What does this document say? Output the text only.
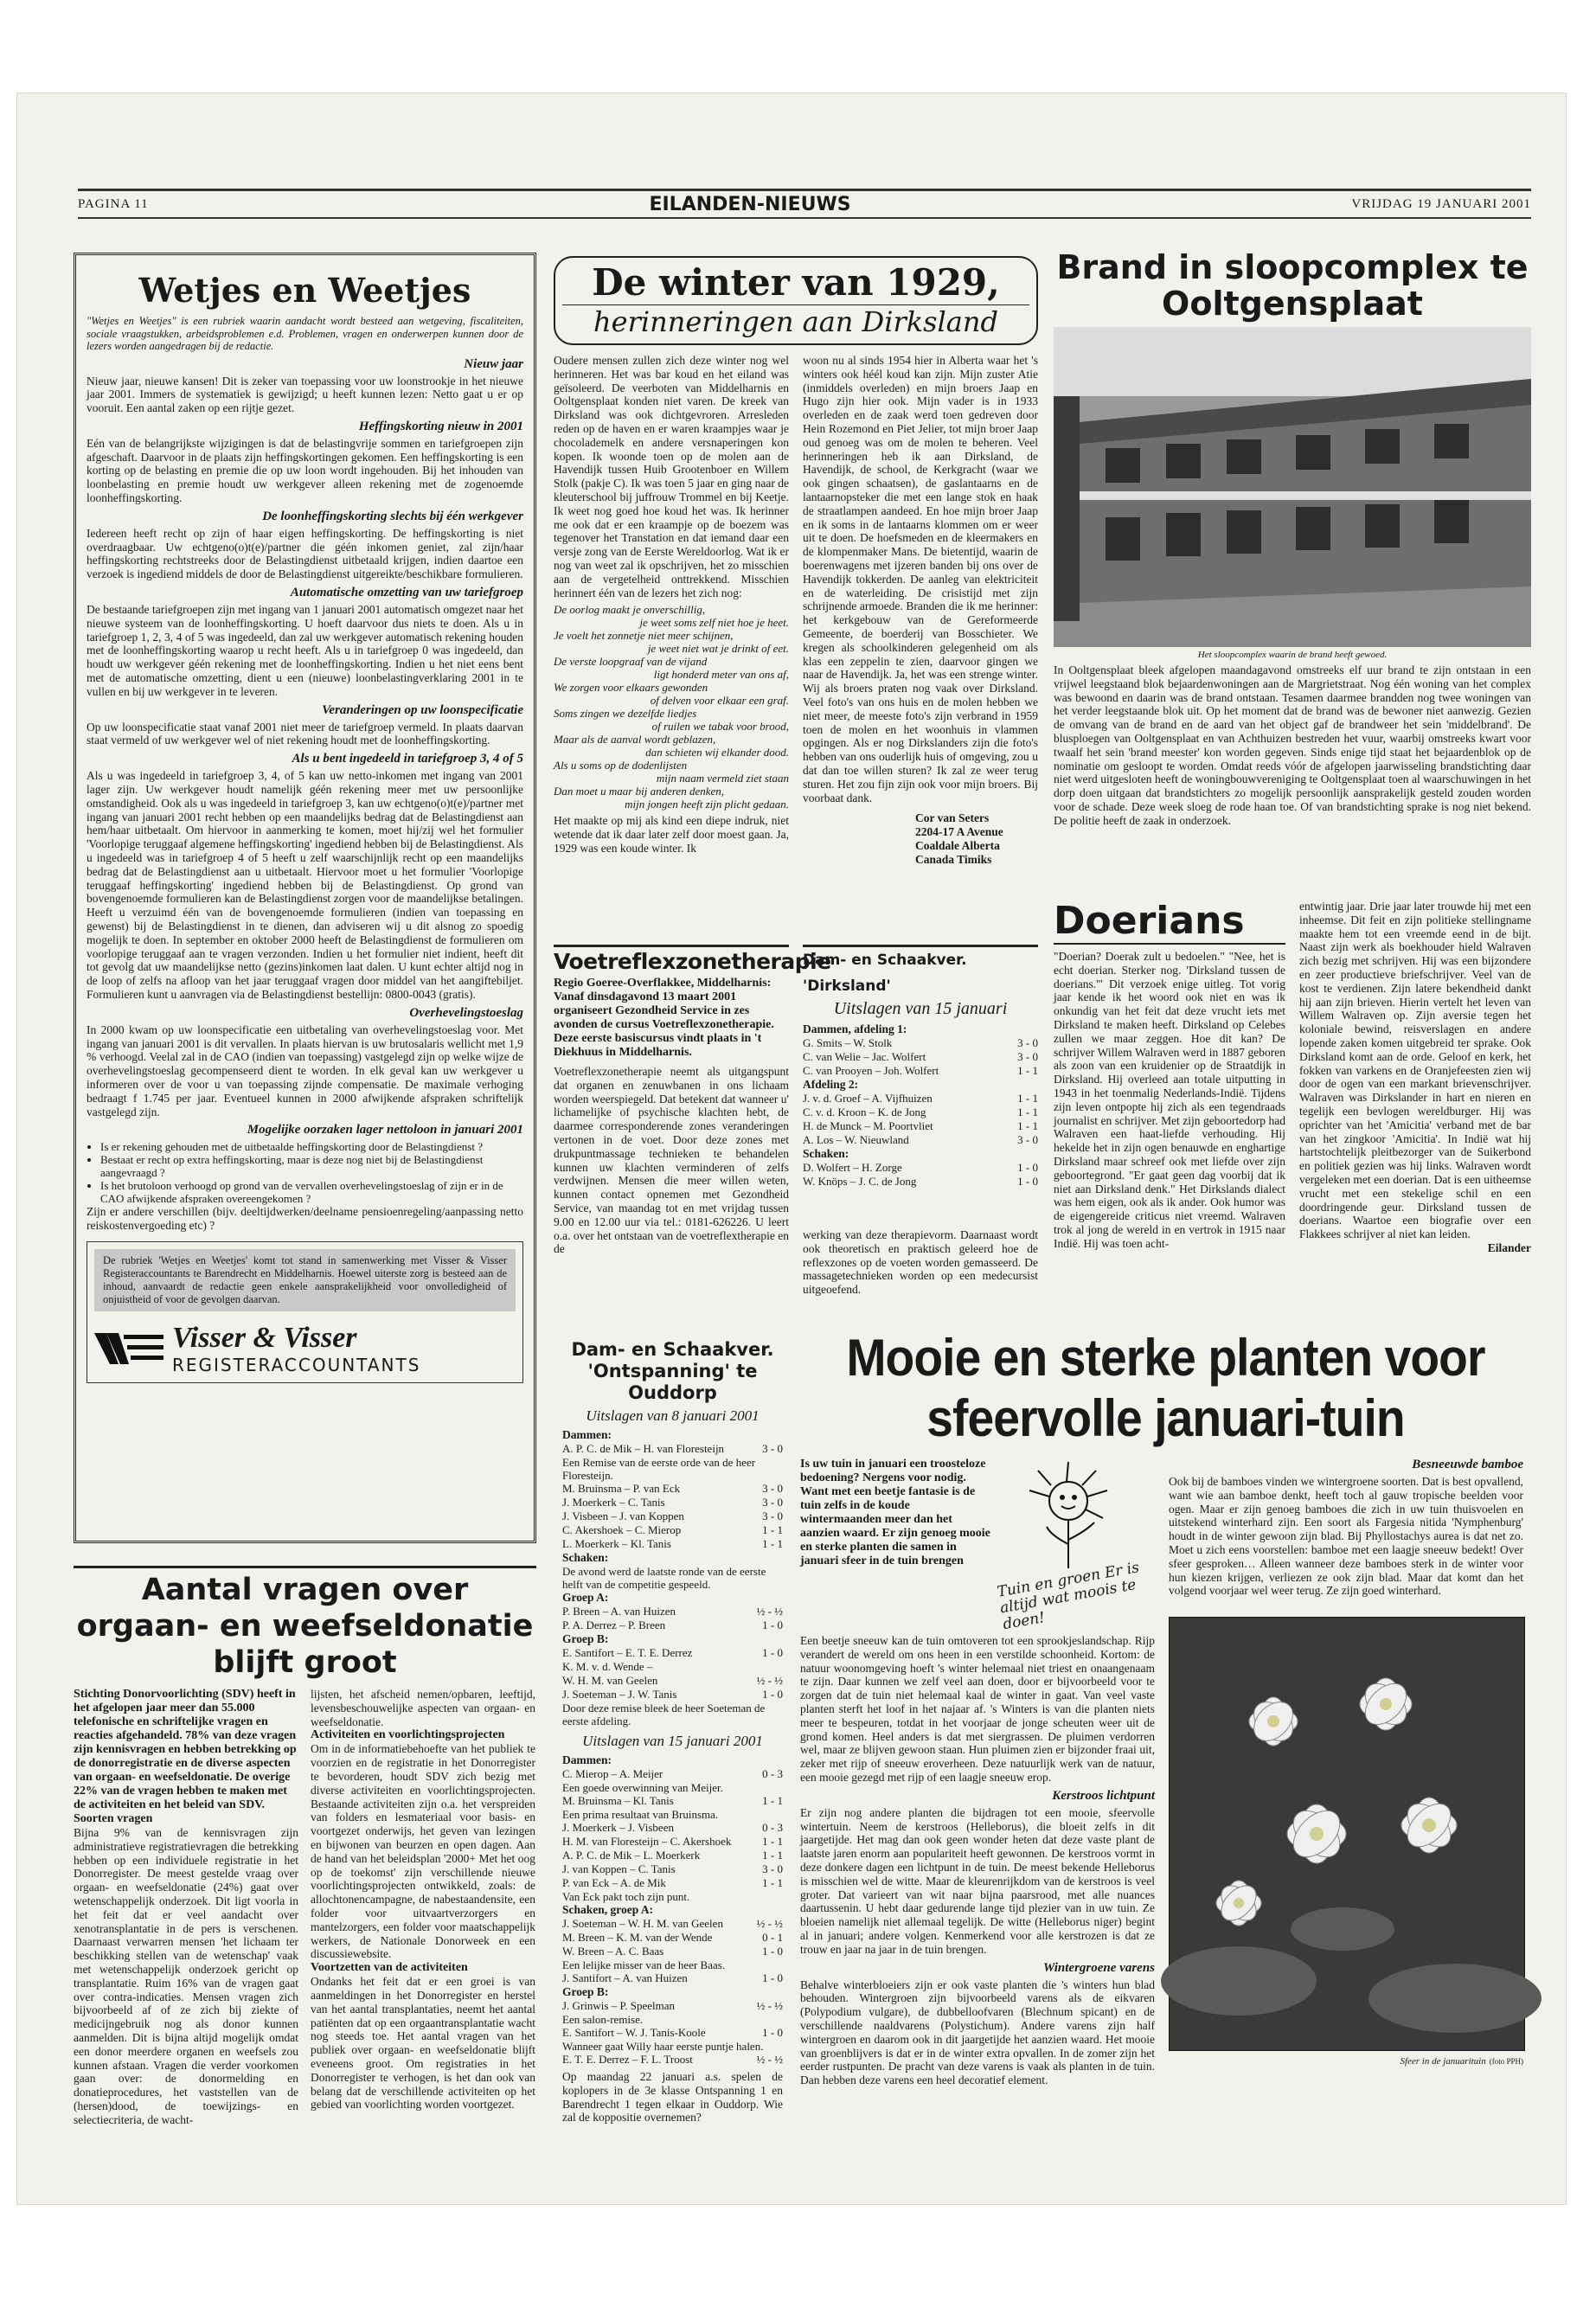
PAGINA 11	EILANDEN-NIEUWS	VRIJDAG 19 JANUARI 2001
Wetjes en Weetjes
"Wetjes en Weetjes" is een rubriek waarin aandacht wordt besteed aan wetgeving, fiscaliteiten, sociale vraagstukken, arbeidsproblemen e.d. Problemen, vragen en onderwerpen kunnen door de lezers worden aangedragen bij de redactie.
Nieuw jaar
Nieuw jaar, nieuwe kansen! Dit is zeker van toepassing voor uw loonstrookje in het nieuwe jaar 2001. Immers de systematiek is gewijzigd; u heeft kunnen lezen: Netto gaat u er op vooruit. Een aantal zaken op een rijtje gezet.
Heffingskorting nieuw in 2001
Eén van de belangrijkste wijzigingen is dat de belastingvrije sommen en tariefgroepen zijn afgeschaft. Daarvoor in de plaats zijn heffingskortingen gekomen. Een heffingskorting is een korting op de belasting en premie die op uw loon wordt ingehouden. Bij het inhouden van loonbelasting en premie houdt uw werkgever alleen rekening met de zogenoemde loonheffingskorting.
De loonheffingskorting slechts bij één werkgever
Iedereen heeft recht op zijn of haar eigen heffingskorting. De heffingskorting is niet overdraagbaar. Uw echtgeno(o)t(e)/partner die géén inkomen geniet, zal zijn/haar heffingskorting rechtstreeks door de Belastingdienst uitbetaald krijgen, indien daartoe een verzoek is ingediend middels de door de Belastingdienst uitgereikte/beschikbare formulieren.
Automatische omzetting van uw tariefgroep
De bestaande tariefgroepen zijn met ingang van 1 januari 2001 automatisch omgezet naar het nieuwe systeem van de loonheffingskorting. U hoeft daarvoor dus niets te doen. Als u in tariefgroep 1, 2, 3, 4 of 5 was ingedeeld, dan zal uw werkgever automatisch rekening houden met de loonheffingskorting waarop u recht heeft. Als u in tariefgroep 0 was ingedeeld, dan houdt uw werkgever géén rekening met de loonheffingskorting. Indien u het niet eens bent met de automatische omzetting, dient u een (nieuwe) loonbelastingverklaring 2001 in te vullen en bij uw werkgever in te leveren.
Veranderingen op uw loonspecificatie
Op uw loonspecificatie staat vanaf 2001 niet meer de tariefgroep vermeld. In plaats daarvan staat vermeld of uw werkgever wel of niet rekening houdt met de loonheffingskorting.
Als u bent ingedeeld in tariefgroep 3, 4 of 5
Als u was ingedeeld in tariefgroep 3, 4, of 5 kan uw netto-inkomen met ingang van 2001 lager zijn. Uw werkgever houdt namelijk géén rekening meer met uw persoonlijke omstandigheid. Ook als u was ingedeeld in tariefgroep 3, kan uw echtgeno(o)t(e)/partner met ingang van januari 2001 recht hebben op een maandelijks bedrag dat de Belastingdienst aan hem/haar uitbetaalt. Om hiervoor in aanmerking te komen, moet hij/zij wel het formulier 'Voorlopige teruggaaf algemene heffingskorting' ingediend hebben bij de Belastingdienst. Als u ingedeeld was in tariefgroep 4 of 5 heeft u zelf waarschijnlijk recht op een maandelijks bedrag dat de Belastingdienst aan u uitbetaalt. Hiervoor moet u het formulier 'Voorlopige teruggaaf heffingskorting' ingediend hebben bij de Belastingdienst. Op grond van bovengenoemde formulieren kan de Belastingdienst zorgen voor de maandelijkse betalingen. Heeft u verzuimd één van de bovengenoemde formulieren (indien van toepassing en gewenst) bij de Belastingdienst in te dienen, dan adviseren wij u dit alsnog zo spoedig mogelijk te doen. In september en oktober 2000 heeft de Belastingdienst de formulieren om voorlopige teruggaaf aan te vragen verzonden. Indien u het formulier niet indient, heeft dit tot gevolg dat uw maandelijkse netto (gezins)inkomen laat dalen. U kunt echter altijd nog in de loop of zelfs na afloop van het jaar teruggaaf vragen door middel van het aangiftebiljet. Formulieren kunt u aanvragen via de Belastingdienst bestellijn: 0800-0043 (gratis).
Overhevelingstoeslag
In 2000 kwam op uw loonspecificatie een uitbetaling van overhevelingstoeslag voor. Met ingang van januari 2001 is dit vervallen. In plaats hiervan is uw brutosalaris wellicht met 1,9 % verhoogd. Veelal zal in de CAO (indien van toepassing) vastgelegd zijn op welke wijze de overhevelingstoeslag gecompenseerd dient te worden. In elk geval kan uw werkgever u informeren over de voor u van toepassing zijnde compensatie. De maximale verhoging bedraagt f 1.745 per jaar. Eventueel kunnen in 2000 afwijkende afspraken schriftelijk vastgelegd zijn.
Mogelijke oorzaken lager nettoloon in januari 2001
• Is er rekening gehouden met de uitbetaalde heffingskorting door de Belastingdienst ?
• Bestaat er recht op extra heffingskorting, maar is deze nog niet bij de Belastingdienst aangevraagd ?
• Is het brutoloon verhoogd op grond van de vervallen overhevelingstoeslag of zijn er in de CAO afwijkende afspraken overeengekomen ?
Zijn er andere verschillen (bijv. deeltijdwerken/deelname pensioenregeling/aanpassing netto reiskostenvergoeding etc) ?
De rubriek 'Wetjes en Weetjes' komt tot stand in samenwerking met Visser & Visser Registeraccountants te Barendrecht en Middelharnis. Hoewel uiterste zorg is besteed aan de inhoud, aanvaardt de redactie geen enkele aansprakelijkheid voor onvolledigheid of onjuistheid of voor de gevolgen daarvan.
Visser & Visser
REGISTERACCOUNTANTS
De winter van 1929,
herinneringen aan Dirksland
Oudere mensen zullen zich deze winter nog wel herinneren. Het was bar koud en het eiland was geïsoleerd. De veerboten van Middelharnis en Ooltgensplaat konden niet varen. De kreek van Dirksland was ook dichtgevroren. Arresleden reden op de haven en er waren kraampjes waar je chocolademelk en andere versnaperingen kon kopen. Ik woonde toen op de molen aan de Havendijk tussen Huib Grootenboer en Willem Stolk (pakje C). Ik was toen 5 jaar en ging naar de kleuterschool bij juffrouw Trommel en bij Keetje. Ik weet nog goed hoe koud het was. Ik herinner me ook dat er een kraampje op de boezem was tegenover het Transtation en dat iemand daar een versje zong van de Eerste Wereldoorlog. Wat ik er nog van weet zal ik opschrijven, het zo misschien aan de vergetelheid onttrekkend. Misschien herinnert één van de lezers het zich nog:
De oorlog maakt je onverschillig,
je weet soms zelf niet hoe je heet.
Je voelt het zonnetje niet meer schijnen,
je weet niet wat je drinkt of eet.
De verste loopgraaf van de vijand
ligt honderd meter van ons af,
We zorgen voor elkaars gewonden
of delven voor elkaar een graf.
Soms zingen we dezelfde liedjes
of ruilen we tabak voor brood,
Maar als de aanval wordt geblazen,
dan schieten wij elkander dood.
Als u soms op de dodenlijsten
mijn naam vermeld ziet staan
Dan moet u maar bij anderen denken,
mijn jongen heeft zijn plicht gedaan.
Het maakte op mij als kind een diepe indruk, niet wetende dat ik daar later zelf door moest gaan. Ja, 1929 was een koude winter. Ik
woon nu al sinds 1954 hier in Alberta waar het 's winters ook héél koud kan zijn. Mijn zuster Atie (inmiddels overleden) en mijn broers Jaap en Hugo zijn hier ook. Mijn vader is in 1933 overleden en de zaak werd toen gedreven door Hein Rozemond en Piet Jelier, tot mijn broer Jaap oud genoeg was om de molen te beheren. Veel herinneringen heb ik aan Dirksland, de Havendijk, de school, de Kerkgracht (waar we ook gingen schaatsen), de gaslantaarns en de lantaarnopsteker die met een lange stok en haak de straatlampen aandeed. En hoe mijn broer Jaap en ik soms in de lantaarns klommen om er weer uit te doen. De hoefsmeden en de kleermakers en de klompenmaker Mans. De bietentijd, waarin de boerenwagens met ijzeren banden bij ons over de Havendijk tokkerden. De aanleg van elektriciteit en de waterleiding. De crisistijd met zijn schrijnende armoede. Branden die ik me herinner: het kerkgebouw van de Gereformeerde Gemeente, de boerderij van Bosschieter. We kregen als schoolkinderen gelegenheid om als klas een zeppelin te zien, daarvoor gingen we naar de Havendijk. Ja, het was een strenge winter. Wij als broers praten nog vaak over Dirksland. Veel foto's van ons huis en de molen hebben we niet meer, de meeste foto's zijn verbrand in 1959 toen de molen en het woonhuis in vlammen opgingen. Als er nog Dirkslanders zijn die foto's hebben van ons ouderlijk huis of omgeving, zou u dat dan toe willen sturen? Ik zal ze weer terug sturen. Het zou fijn zijn ook voor mijn broers. Bij voorbaat dank.
Cor van Seters
2204-17 A Avenue
Coaldale Alberta
Canada Timiks
Brand in sloopcomplex te Ooltgensplaat
Het sloopcomplex waarin de brand heeft gewoed.
In Ooltgensplaat bleek afgelopen maandagavond omstreeks elf uur brand te zijn ontstaan in een vrijwel leegstaand blok bejaardenwoningen aan de Margrietstraat. Nog één woning van het complex was bewoond en daarin was de brand ontstaan. Tesamen daarmee brandden nog twee woningen van het verder leegstaande blok uit. Op het moment dat de brand was de bewoner niet aanwezig. Gezien de omvang van de brand en de aard van het object gaf de brandweer het sein 'middelbrand'. De blusploegen van Ooltgensplaat en van Achthuizen bestreden het vuur, waarbij omstreeks kwart voor twaalf het sein 'brand meester' kon worden gegeven. Sinds enige tijd staat het bejaardenblok op de nominatie om gesloopt te worden. Omdat reeds vóór de afgelopen jaarwisseling brandstichting daar niet werd uitgesloten heeft de woningbouwvereniging te Ooltgensplaat toen al waarschuwingen in het dorp doen uitgaan dat brandstichters zo mogelijk persoonlijk aansprakelijk gesteld zouden worden voor de schade. Deze week sloeg de rode haan toe. Of van brandstichting sprake is nog niet bekend. De politie heeft de zaak in onderzoek.
Doerians
"Doerian? Doerak zult u bedoelen." "Nee, het is echt doerian. Sterker nog. 'Dirksland tussen de doerians.'" Dit verzoek enige uitleg. Tot vorig jaar kende ik het woord ook niet en was ik onkundig van het feit dat deze vrucht iets met Dirksland te maken heeft. Dirksland op Celebes zullen we maar zeggen. Hoe dit kan? De schrijver Willem Walraven werd in 1887 geboren als zoon van een kruidenier op de Straatdijk in Dirksland. Hij overleed aan totale uitputting in 1943 in het toenmalig Nederlands-Indië. Tijdens zijn leven ontpopte hij zich als een tegendraads journalist en schrijver. Met zijn geboortedorp had Walraven een haat-liefde verhouding. Hij hekelde het in zijn ogen benauwde en enghartige Dirksland maar schreef ook met liefde over zijn geboortegrond. "Er gaat geen dag voorbij dat ik niet aan Dirksland denk." Het Dirkslands dialect was hem eigen, ook als ik ander. Ook humor was de eigengereide criticus niet vreemd. Walraven trok al jong de wereld in en vertrok in 1915 naar Indië. Hij was toen acht-
entwintig jaar. Drie jaar later trouwde hij met een inheemse. Dit feit en zijn politieke stellingname maakte hem tot een vreemde eend in de bijt. Naast zijn werk als boekhouder hield Walraven zich bezig met schrijven. Hij was een bijzondere en zeer productieve briefschrijver. Veel van de kost te verdienen. Zijn latere bekendheid dankt hij aan zijn brieven. Hierin vertelt het leven van Willem Walraven op. Zijn aversie tegen het koloniale bewind, reisverslagen en andere lopende zaken komen uitgebreid ter sprake. Ook Dirksland komt aan de orde. Geloof en kerk, het fokken van varkens en de Oranjefeesten zien wij door de ogen van een markant brievenschrijver. Walraven was Dirkslander in hart en nieren en tegelijk een bevlogen wereldburger. Hij was oprichter van het 'Amicitia' verband met de bar van het zingkoor 'Amicitia'. In Indië wat hij hartstochtelijk pleitbezorger van de Suikerbond en politiek gezien was hij links. Walraven wordt vergeleken met een doerian. Dat is een uitheemse vrucht met een stekelige schil en een doordringende geur. Dirksland tussen de doerians. Waartoe een biografie over een Flakkees schrijver al niet kan leiden.
Eilander
Voetreflexzonetherapie
Regio Goeree-Overflakkee, Middelharnis: Vanaf dinsdagavond 13 maart 2001 organiseert Gezondheid Service in zes avonden de cursus Voetreflexzonetherapie. Deze eerste basiscursus vindt plaats in 't Diekhuus in Middelharnis.
Voetreflexzonetherapie neemt als uitgangspunt dat organen en zenuwbanen in ons lichaam worden weerspiegeld. Dat betekent dat wanneer u' lichamelijke of psychische klachten hebt, de daarmee corresponderende zones veranderingen vertonen in de voet. Door deze zones met drukpuntmassage technieken te behandelen kunnen uw klachten verminderen of zelfs verdwijnen. Mensen die meer willen weten, kunnen contact opnemen met Gezondheid Service, van maandag tot en met vrijdag tussen 9.00 en 12.00 uur via tel.: 0181-626226. U leert o.a. over het ontstaan van de voetreflextherapie en de
werking van deze therapievorm. Daarnaast wordt ook theoretisch en praktisch geleerd hoe de reflexzones op de voeten worden gemasseerd. De massagetechnieken worden op een medecursist uitgeoefend.
Dam- en Schaakver. 'Dirksland'
Uitslagen van 15 januari
Dammen, afdeling 1:
G. Smits – W. Stolk	3 - 0
C. van Welie – Jac. Wolfert	3 - 0
C. van Prooyen – Joh. Wolfert	1 - 1
Afdeling 2:
J. v. d. Groef – A. Vijfhuizen	1 - 1
C. v. d. Kroon – K. de Jong	1 - 1
H. de Munck – M. Poortvliet	1 - 1
A. Los – W. Nieuwland	3 - 0
Schaken:
D. Wolfert – H. Zorge	1 - 0
W. Knöps – J. C. de Jong	1 - 0
Dam- en Schaakver. 'Ontspanning' te Ouddorp
Uitslagen van 8 januari 2001
Dammen:
A. P. C. de Mik – H. van Floresteijn	3 - 0
Een Remise van de eerste orde van de heer Floresteijn.
M. Bruinsma – P. van Eck	3 - 0
J. Moerkerk – C. Tanis	3 - 0
J. Visbeen – J. van Koppen	3 - 0
C. Akershoek – C. Mierop	1 - 1
L. Moerkerk – Kl. Tanis	1 - 1
Schaken:
De avond werd de laatste ronde van de eerste helft van de competitie gespeeld.
Groep A:
P. Breen – A. van Huizen	½ - ½
P. A. Derrez – P. Breen	1 - 0
Groep B:
E. Santifort – E. T. E. Derrez	1 - 0
K. M. v. d. Wende –	
W. H. M. van Geelen	½ - ½
J. Soeteman – J. W. Tanis	1 - 0
Door deze remise bleek de heer Soeteman de eerste afdeling.
Uitslagen van 15 januari 2001
Dammen:
C. Mierop – A. Meijer	0 - 3
Een goede overwinning van Meijer.
M. Bruinsma – Kl. Tanis	1 - 1
Een prima resultaat van Bruinsma.
J. Moerkerk – J. Visbeen	0 - 3
H. M. van Floresteijn – C. Akershoek	1 - 1
A. P. C. de Mik – L. Moerkerk	1 - 1
J. van Koppen – C. Tanis	3 - 0
P. van Eck – A. de Mik	1 - 1
Van Eck pakt toch zijn punt.
Schaken, groep A:
J. Soeteman – W. H. M. van Geelen	½ - ½
M. Breen – K. M. van der Wende	0 - 1
W. Breen – A. C. Baas	1 - 0
Een lelijke misser van de heer Baas.
J. Santifort – A. van Huizen	1 - 0
Groep B:
J. Grinwis – P. Speelman	½ - ½
Een salon-remise.
E. Santifort – W. J. Tanis-Koole	1 - 0
Wanneer gaat Willy haar eerste puntje halen.
E. T. E. Derrez – F. L. Troost	½ - ½
Op maandag 22 januari a.s. spelen de koplopers in de 3e klasse Ontspanning 1 en Barendrecht 1 tegen elkaar in Ouddorp. Wie zal de koppositie overnemen?
Aantal vragen over orgaan- en weefseldonatie blijft groot
Stichting Donorvoorlichting (SDV) heeft in het afgelopen jaar meer dan 55.000 telefonische en schriftelijke vragen en reacties afgehandeld. 78% van deze vragen zijn kennisvragen en hebben betrekking op de donorregistratie en de diverse aspecten van orgaan- en weefseldonatie. De overige 22% van de vragen hebben te maken met de activiteiten en het beleid van SDV.
Soorten vragen
Bijna 9% van de kennisvragen zijn administratieve registratievragen die betrekking hebben op een individuele registratie in het Donorregister. De meest gestelde vraag over orgaan- en weefseldonatie (24%) gaat over wetenschappelijk onderzoek. Dit ligt voorla in het feit dat er veel aandacht over xenotransplantatie in de pers is verschenen. Daarnaast verwarren mensen 'het lichaam ter beschikking stellen van de wetenschap' vaak met wetenschappelijk onderzoek gericht op transplantatie. Ruim 16% van de vragen gaat over contra-indicaties. Mensen vragen zich bijvoorbeeld af of ze zich bij ziekte of medicijngebruik nog als donor kunnen aanmelden. Dit is bijna altijd mogelijk omdat een donor meerdere organen en weefsels zou kunnen afstaan. Vragen die verder voorkomen gaan over: de donormelding en donatieprocedures, het vaststellen van de (hersen)dood, de toewijzings- en selectiecriteria, de wacht-
lijsten, het afscheid nemen/opbaren, leeftijd, levensbeschouwelijke aspecten van orgaan- en weefseldonatie.
Activiteiten en voorlichtingsprojecten
Om in de informatiebehoefte van het publiek te voorzien en de registratie in het Donorregister te bevorderen, houdt SDV zich bezig met diverse activiteiten en voorlichtingsprojecten. Bestaande activiteiten zijn o.a. het verspreiden van folders en lesmateriaal voor basis- en voortgezet onderwijs, het geven van lezingen en bijwonen van beurzen en open dagen. Aan de hand van het beleidsplan '2000+ Met het oog op de toekomst' zijn verschillende nieuwe voorlichtingsprojecten ontwikkeld, zoals: de allochtonencampagne, de nabestaandensite, een folder voor uitvaartverzorgers en mantelzorgers, een folder voor maatschappelijk werkers, de Nationale Donorweek en een discussiewebsite.
Voortzetten van de activiteiten
Ondanks het feit dat er een groei is van aanmeldingen in het Donorregister en herstel van het aantal transplantaties, neemt het aantal patiënten dat op een orgaantransplantatie wacht nog steeds toe. Het aantal vragen van het publiek over orgaan- en weefseldonatie blijft eveneens groot. Om registraties in het Donorregister te verhogen, is het dan ook van belang dat de verschillende activiteiten op het gebied van voorlichting worden voortgezet.
Mooie en sterke planten voor sfeervolle januari-tuin
Is uw tuin in januari een troosteloze bedoening? Nergens voor nodig. Want met een beetje fantasie is de tuin zelfs in de koude wintermaanden meer dan het aanzien waard. Er zijn genoeg mooie en sterke planten die samen in januari sfeer in de tuin brengen	Tuin en groen Er is altijd wat moois te doen!
Een beetje sneeuw kan de tuin omtoveren tot een sprookjeslandschap. Rijp verandert de wereld om ons heen in een verstilde schoonheid. Kortom: de natuur woonomgeving hoeft 's winter helemaal niet triest en onaangenaam te zijn. Daar kunnen we zelf veel aan doen, door er bijvoorbeeld voor te zorgen dat de tuin niet helemaal kaal de winter in gaat. Van veel vaste planten sterft het loof in het najaar af. 's Winters is van die planten niets meer te bespeuren, totdat in het voorjaar de jonge scheuten weer uit de grond komen. Heel anders is dat met siergrassen. De pluimen verdorren wel, maar ze blijven gewoon staan. Hun pluimen zien er bijzonder fraai uit, zeker met rijp of sneeuw eroverheen. Deze natuurlijk werk van de natuur, een mooie gezegd met rijp of een laagje sneeuw erop.
Kerstroos lichtpunt
Er zijn nog andere planten die bijdragen tot een mooie, sfeervolle wintertuin. Neem de kerstroos (Helleborus), die bloeit zelfs in dit jaargetijde. Het mag dan ook geen wonder heten dat deze vaste plant de laatste jaren enorm aan populariteit heeft gewonnen. De kerstroos vormt in deze donkere dagen een lichtpunt in de tuin. De meest bekende Helleborus is misschien wel de witte. Maar de kleurenrijkdom van de kerstroos is veel groter. Dat varieert van wit naar bijna paarsrood, met alle nuances daartussenin. U hebt daar gedurende lange tijd plezier van in uw tuin. Ze bloeien namelijk niet allemaal tegelijk. De witte (Helleborus niger) begint al in januari; andere volgen. Kenmerkend voor alle kerstrozen is dat ze trouw en jaar na jaar in de tuin brengen.
Wintergroene varens
Behalve winterbloeiers zijn er ook vaste planten die 's winters hun blad behouden. Wintergroen zijn bijvoorbeeld varens als de eikvaren (Polypodium vulgare), de dubbelloofvaren (Blechnum spicant) en de verschillende naaldvarens (Polystichum). Andere varens zijn half wintergroen en daarom ook in dit jaargetijde het aanzien waard. Het mooie van groenblijvers is dat er in de winter extra opvallen. In de zomer zijn het eerder rustpunten. De pracht van deze varens is vaak als planten in de tuin. Dan hebben deze varens een heel decoratief element.
Besneeuwde bamboe
Ook bij de bamboes vinden we wintergroene soorten. Dat is best opvallend, want wie aan bamboe denkt, heeft toch al gauw tropische beelden voor ogen. Maar er zijn genoeg bamboes die zich in uw tuin thuisvoelen en uitstekend winterhard zijn. Een soort als Fargesia nitida 'Nymphenburg' houdt in de winter gewoon zijn blad. Bij Phyllostachys aurea is dat net zo. Moet u zich eens voorstellen: bamboe met een laagje sneeuw bedekt! Over sfeer gesproken… Alleen wanneer deze bamboes sterk in de winter voor hun kiezen krijgen, verliezen ze ook zijn blad. Maar dat komt dan het volgend voorjaar wel weer terug. Ze zijn goed winterhard.
Sfeer in de januarituin (foto PPH)
